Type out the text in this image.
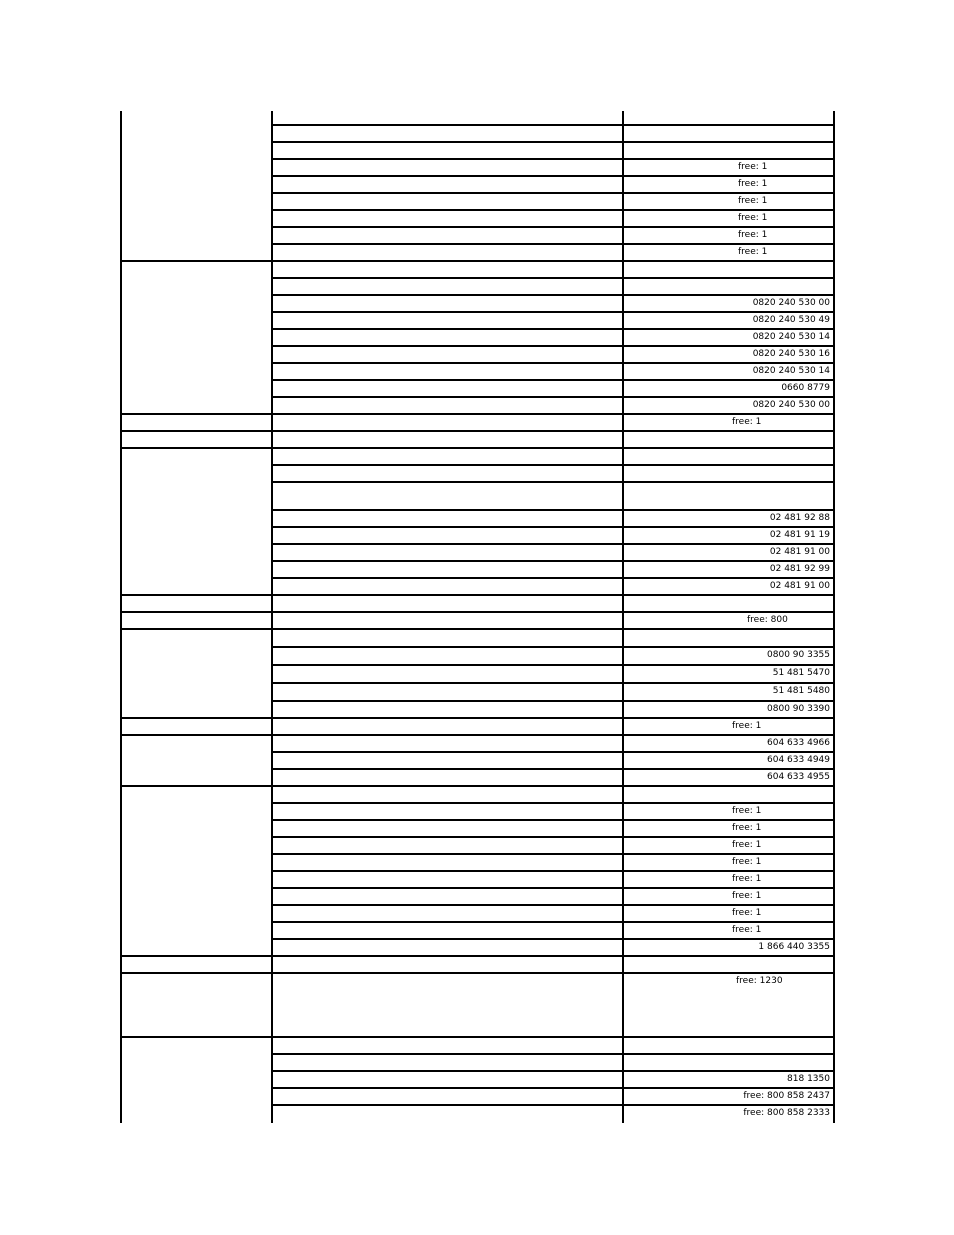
free: 1
free: 1
free: 1
free: 1
free: 1
free: 1
0820 240 530 00
0820 240 530 49
0820 240 530 14
0820 240 530 16
0820 240 530 14
0660 8779
0820 240 530 00
free: 1
02 481 92 88
02 481 91 19
02 481 91 00
02 481 92 99
02 481 91 00
free: 800
0800 90 3355
51 481 5470
51 481 5480
0800 90 3390
free: 1
604 633 4966
604 633 4949
604 633 4955
free: 1
free: 1
free: 1
free: 1
free: 1
free: 1
free: 1
free: 1
1 866 440 3355
free: 1230
818 1350
free: 800 858 2437
free: 800 858 2333
